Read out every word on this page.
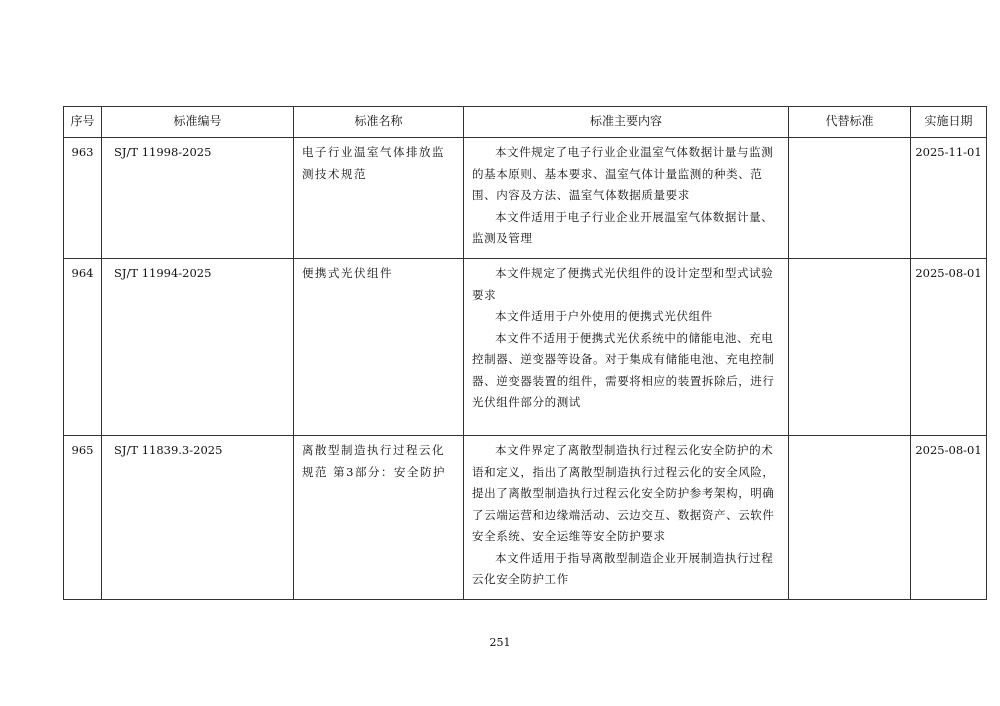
序号	标准编号	标准名称	标准主要内容	代替标准	实施日期
963	SJ/T 11998-2025	电子行业温室气体排放监测技术规范	本文件规定了电子行业企业温室气体数据计量与监测的基本原则、基本要求、温室气体计量监测的种类、范围、内容及方法、温室气体数据质量要求

本文件适用于电子行业企业开展温室气体数据计量、监测及管理		2025-11-01
964	SJ/T 11994-2025	便携式光伏组件	本文件规定了便携式光伏组件的设计定型和型式试验要求

本文件适用于户外使用的便携式光伏组件

本文件不适用于便携式光伏系统中的储能电池、充电控制器、逆变器等设备。对于集成有储能电池、充电控制器、逆变器装置的组件，需要将相应的装置拆除后，进行光伏组件部分的测试		2025-08-01
965	SJ/T 11839.3-2025	离散型制造执行过程云化规范 第3部分：安全防护	本文件界定了离散型制造执行过程云化安全防护的术语和定义，指出了离散型制造执行过程云化的安全风险，提出了离散型制造执行过程云化安全防护参考架构，明确了云端运营和边缘端活动、云边交互、数据资产、云软件安全系统、安全运维等安全防护要求

本文件适用于指导离散型制造企业开展制造执行过程云化安全防护工作		2025-08-01
251
